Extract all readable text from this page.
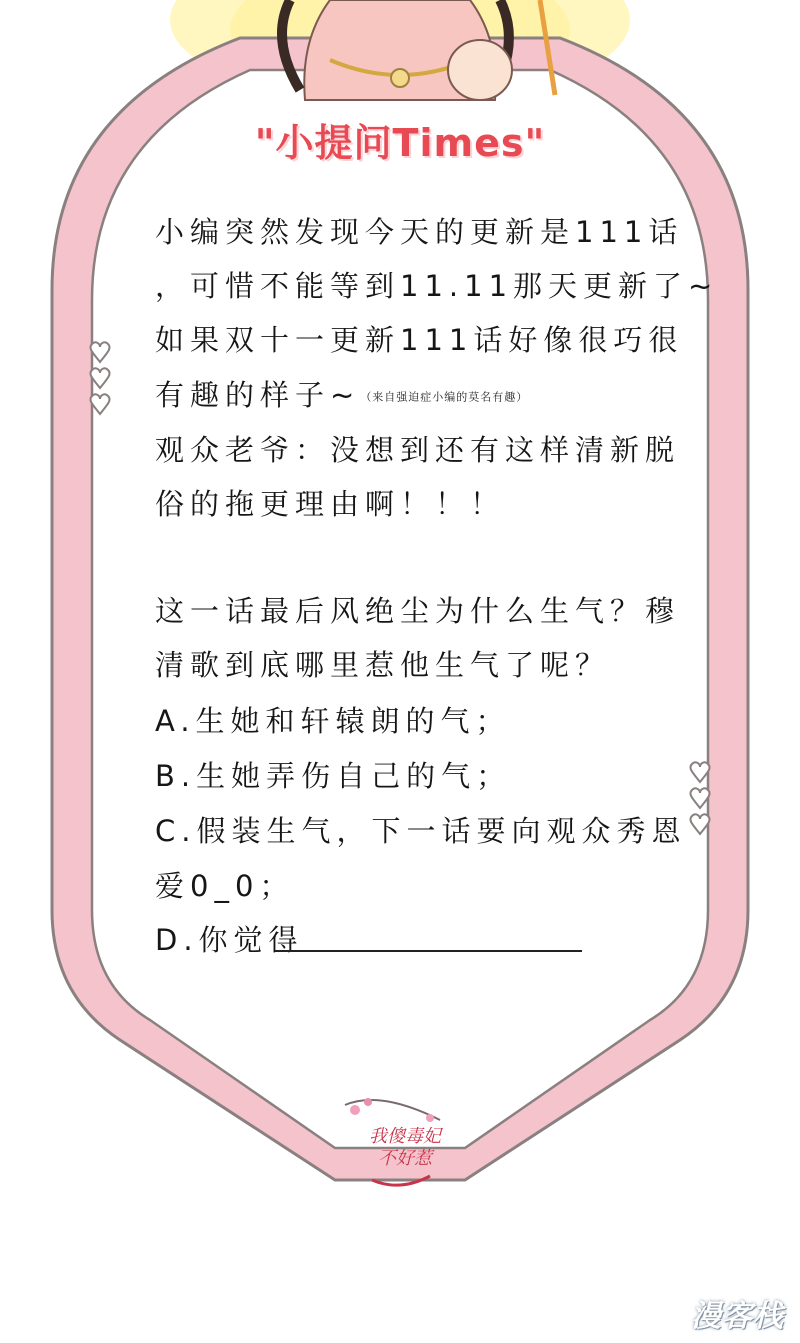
"小提问Times"
小编突然发现今天的更新是111话
，可惜不能等到11.11那天更新了~
如果双十一更新111话好像很巧很
有趣的样子~（来自强迫症小编的莫名有趣）
观众老爷：没想到还有这样清新脱
俗的拖更理由啊！！！
这一话最后风绝尘为什么生气？穆
清歌到底哪里惹他生气了呢？
A.生她和轩辕朗的气；
B.生她弄伤自己的气；
C.假装生气，下一话要向观众秀恩
爱0_0；
D.你觉得
我傻毒妃
不好惹
漫客栈
